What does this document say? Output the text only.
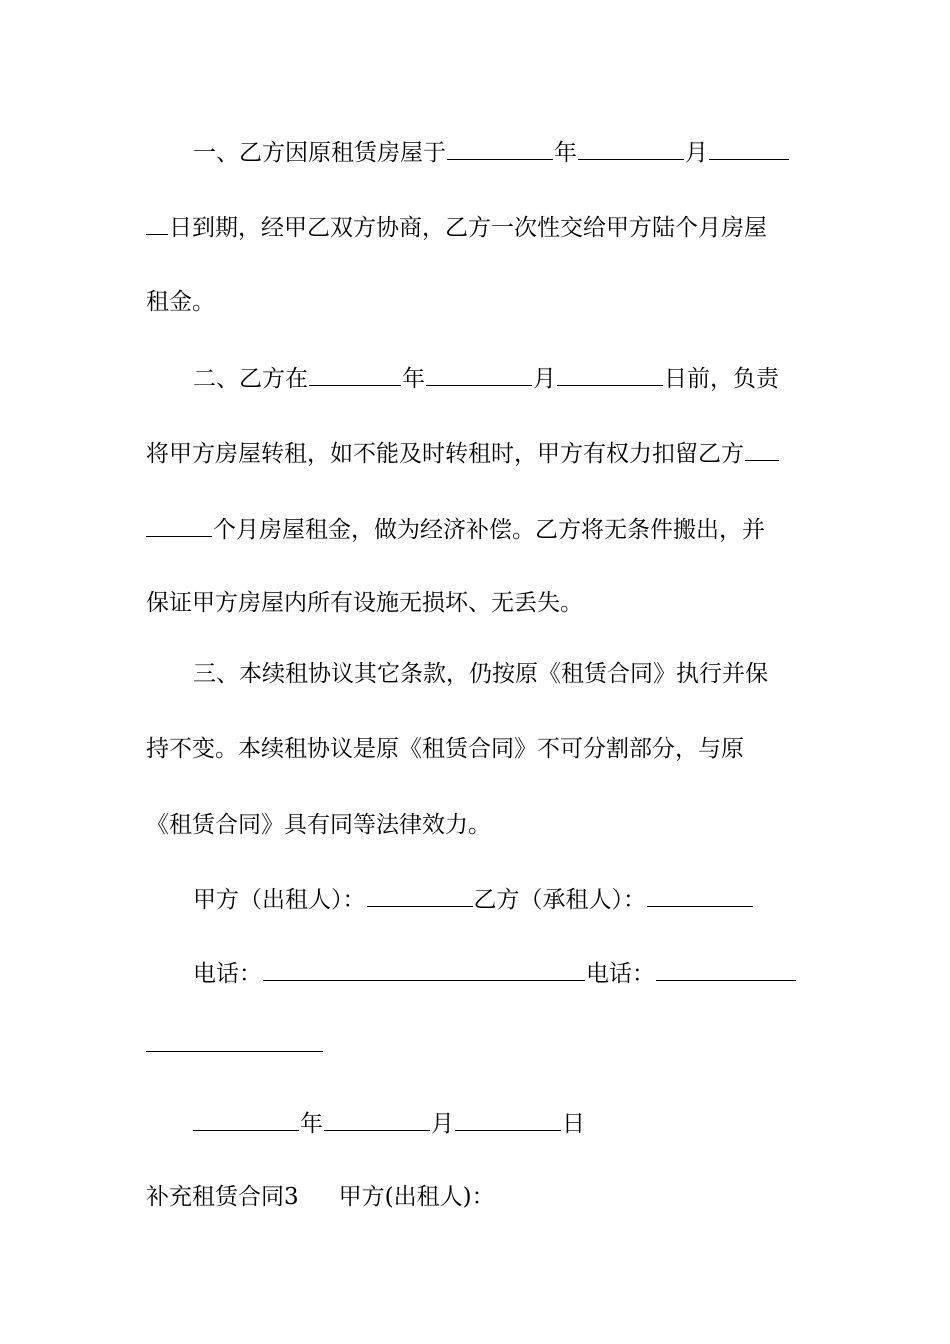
一、乙方因原租赁房屋于	年	月
日到期，经甲乙双方协商，乙方一次性交给甲方陆个月房屋
租金。
二、乙方在	年	月	日前，负责
将甲方房屋转租，如不能及时转租时，甲方有权力扣留乙方
个月房屋租金，做为经济补偿。乙方将无条件搬出，并
保证甲方房屋内所有设施无损坏、无丢失。
三、本续租协议其它条款，仍按原《租赁合同》执行并保
持不变。本续租协议是原《租赁合同》不可分割部分，与原
《租赁合同》具有同等法律效力。
甲方（出租人）：	乙方（承租人）：
电话：	电话：
年	月	日
补充租赁合同3 甲方(出租人)：
